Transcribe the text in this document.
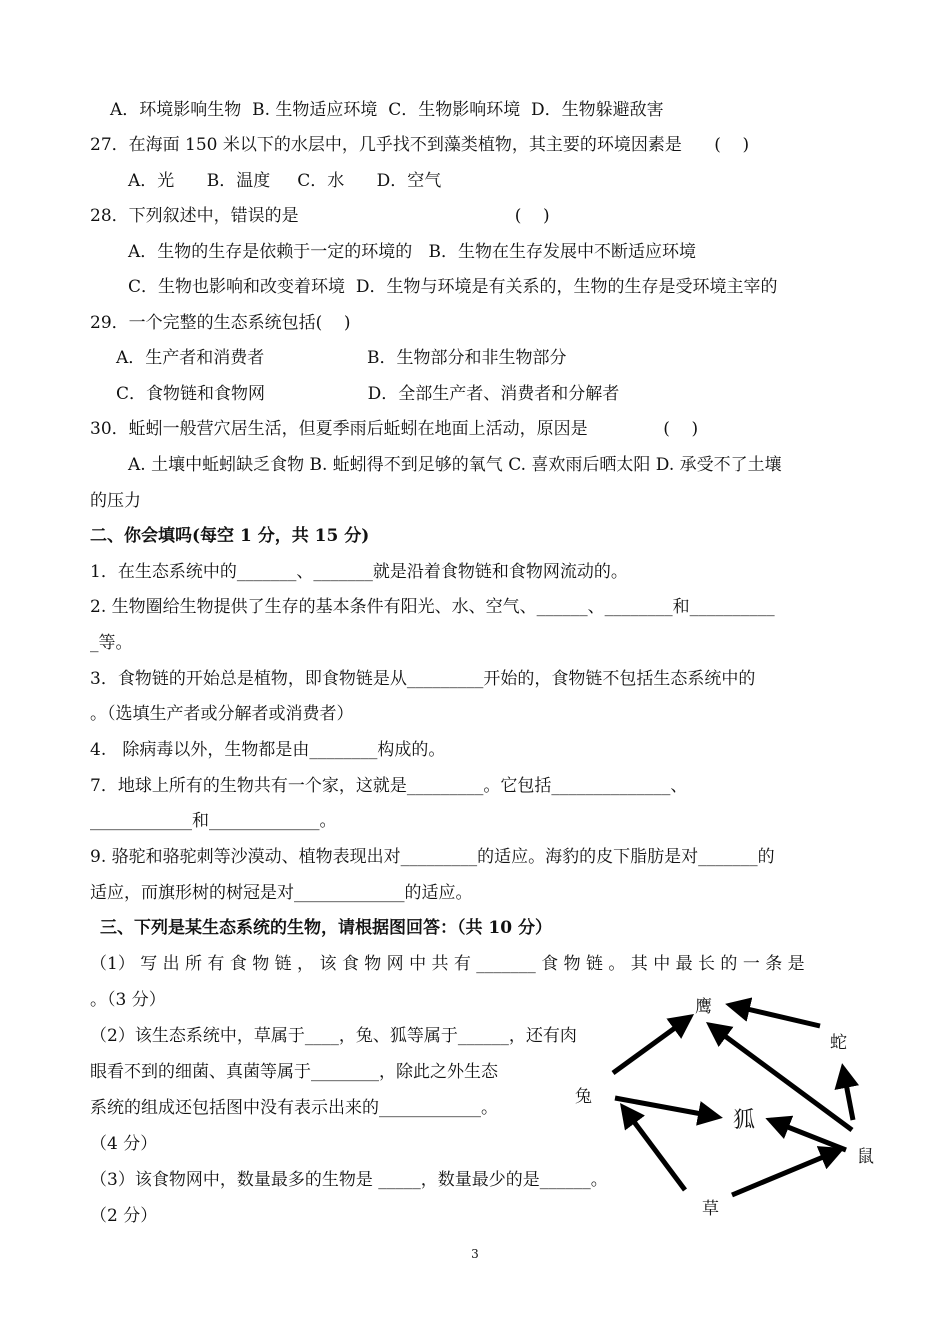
A．环境影响生物  B. 生物适应环境  C．生物影响环境  D．生物躲避敌害
27．在海面 150 米以下的水层中，几乎找不到藻类植物，其主要的环境因素是      (    )
A．光      B．温度     C．水      D．空气
28．下列叙述中，错误的是                                        (    )
A．生物的生存是依赖于一定的环境的   B．生物在生存发展中不断适应环境
C．生物也影响和改变着环境  D．生物与环境是有关系的，生物的生存是受环境主宰的
29．一个完整的生态系统包括(    )
A．生产者和消费者                   B．生物部分和非生物部分
C．食物链和食物网                   D．全部生产者、消费者和分解者
30．蚯蚓一般营穴居生活，但夏季雨后蚯蚓在地面上活动，原因是              (    )
A. 土壤中蚯蚓缺乏食物 B. 蚯蚓得不到足够的氧气 C. 喜欢雨后晒太阳 D. 承受不了土壤
的压力
二、你会填吗(每空 1 分，共 15 分)
1．在生态系统中的_______、_______就是沿着食物链和食物网流动的。
2. 生物圈给生物提供了生存的基本条件有阳光、水、空气、______、________和__________
_等。
3．食物链的开始总是植物，即食物链是从_________开始的，食物链不包括生态系统中的
。（选填生产者或分解者或消费者）
4.   除病毒以外，生物都是由________构成的。
7．地球上所有的生物共有一个家，这就是_________。它包括______________、
____________和_____________。
9. 骆驼和骆驼刺等沙漠动、植物表现出对_________的适应。海豹的皮下脂肪是对_______的
适应，而旗形树的树冠是对_____________的适应。
三、下列是某生态系统的生物，请根据图回答：（共 10 分）
（1） 写 出 所 有 食 物 链 ， 该 食 物 网 中 共 有 _______ 食 物 链 。 其 中 最 长 的 一 条 是
。（3 分）
（2）该生态系统中，草属于____，兔、狐等属于______，还有肉
眼看不到的细菌、真菌等属于________，除此之外生态
系统的组成还包括图中没有表示出来的____________。
（4 分）
（3）该食物网中，数量最多的生物是 _____，数量最少的是______。
（2 分）
鹰
蛇
兔
狐
鼠
草
3
